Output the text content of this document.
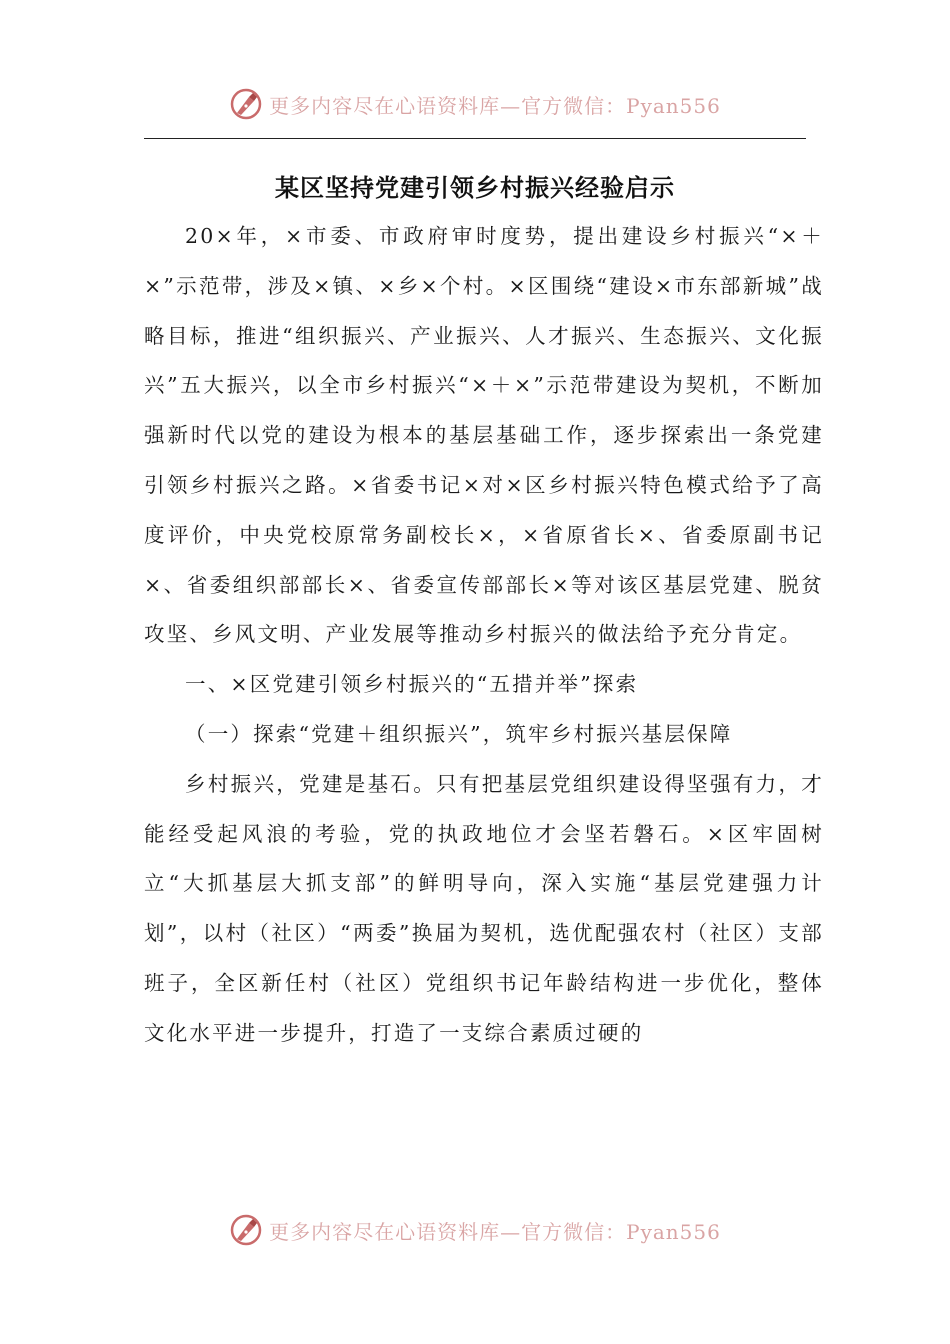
更多内容尽在心语资料库—官方微信：Pyan556
某区坚持党建引领乡村振兴经验启示

20×年，×市委、市政府审时度势，提出建设乡村振兴“×＋×”示范带，涉及×镇、×乡×个村。×区围绕“建设×市东部新城”战略目标，推进“组织振兴、产业振兴、人才振兴、生态振兴、文化振兴”五大振兴，以全市乡村振兴“×＋×”示范带建设为契机，不断加强新时代以党的建设为根本的基层基础工作，逐步探索出一条党建引领乡村振兴之路。×省委书记×对×区乡村振兴特色模式给予了高度评价，中央党校原常务副校长×，×省原省长×、省委原副书记×、省委组织部部长×、省委宣传部部长×等对该区基层党建、脱贫攻坚、乡风文明、产业发展等推动乡村振兴的做法给予充分肯定。

一、×区党建引领乡村振兴的“五措并举”探索

（一）探索“党建＋组织振兴”，筑牢乡村振兴基层保障

乡村振兴，党建是基石。只有把基层党组织建设得坚强有力，才能经受起风浪的考验，党的执政地位才会坚若磐石。×区牢固树立“大抓基层大抓支部”的鲜明导向，深入实施“基层党建强力计划”，以村（社区）“两委”换届为契机，选优配强农村（社区）支部班子，全区新任村（社区）党组织书记年龄结构进一步优化，整体文化水平进一步提升，打造了一支综合素质过硬的

更多内容尽在心语资料库—官方微信：Pyan556
